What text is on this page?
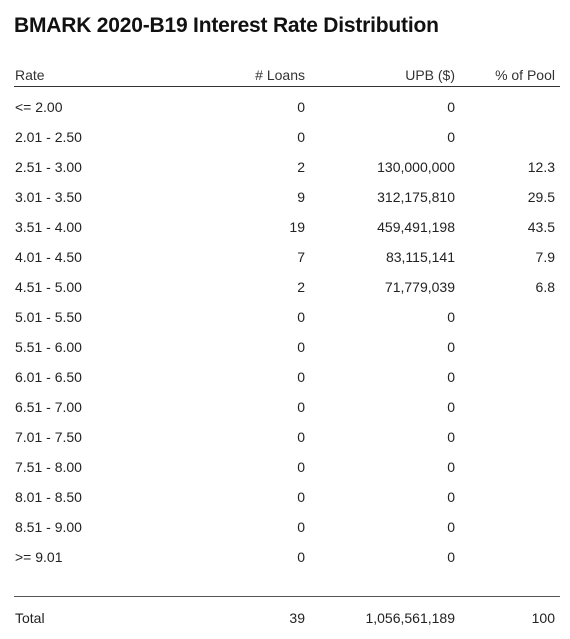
BMARK 2020-B19 Interest Rate Distribution
Rate	# Loans	UPB ($)	% of Pool
<= 2.00	0	0
2.01 - 2.50	0	0
2.51 - 3.00	2	130,000,000	12.3
3.01 - 3.50	9	312,175,810	29.5
3.51 - 4.00	19	459,491,198	43.5
4.01 - 4.50	7	83,115,141	7.9
4.51 - 5.00	2	71,779,039	6.8
5.01 - 5.50	0	0
5.51 - 6.00	0	0
6.01 - 6.50	0	0
6.51 - 7.00	0	0
7.01 - 7.50	0	0
7.51 - 8.00	0	0
8.01 - 8.50	0	0
8.51 - 9.00	0	0
>= 9.01	0	0
Total	39	1,056,561,189	100
